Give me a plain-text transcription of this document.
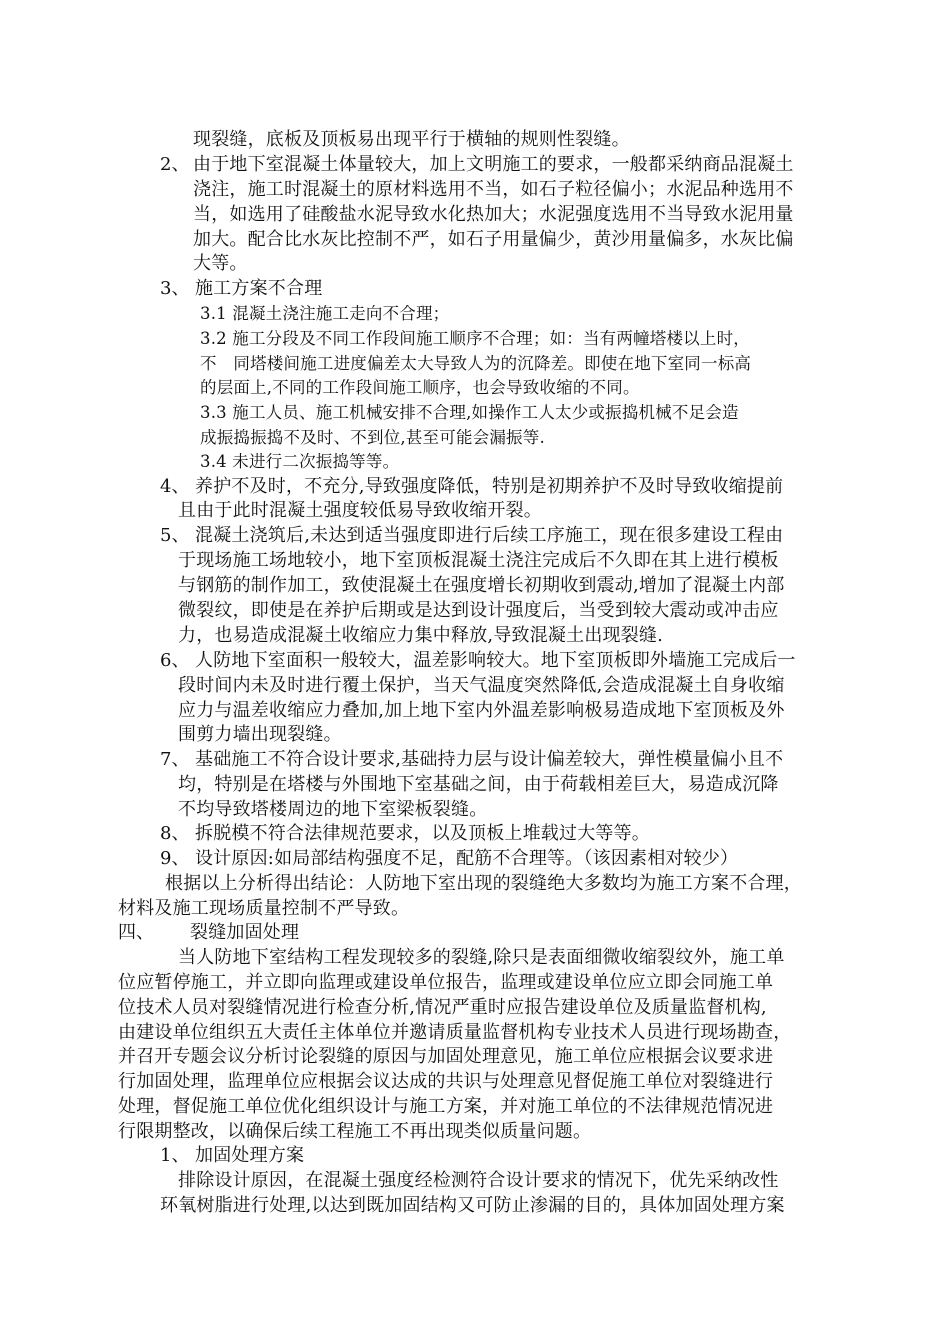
现裂缝，底板及顶板易出现平行于横轴的规则性裂缝。
2、 由于地下室混凝土体量较大，加上文明施工的要求，一般都采纳商品混凝土
浇注，施工时混凝土的原材料选用不当，如石子粒径偏小；水泥品种选用不
当，如选用了硅酸盐水泥导致水化热加大；水泥强度选用不当导致水泥用量
加大。配合比水灰比控制不严，如石子用量偏少，黄沙用量偏多，水灰比偏
大等。
3、 施工方案不合理
3.1 混凝土浇注施工走向不合理；
3.2 施工分段及不同工作段间施工顺序不合理；如：当有两幢塔楼以上时，
不　同塔楼间施工进度偏差太大导致人为的沉降差。即使在地下室同一标高
的层面上,不同的工作段间施工顺序，也会导致收缩的不同。
3.3 施工人员、施工机械安排不合理,如操作工人太少或振捣机械不足会造
成振捣振捣不及时、不到位,甚至可能会漏振等.
3.4 未进行二次振捣等等。
4、 养护不及时，不充分,导致强度降低，特别是初期养护不及时导致收缩提前
且由于此时混凝土强度较低易导致收缩开裂。
5、 混凝土浇筑后,未达到适当强度即进行后续工序施工，现在很多建设工程由
于现场施工场地较小，地下室顶板混凝土浇注完成后不久即在其上进行模板
与钢筋的制作加工，致使混凝土在强度增长初期收到震动,增加了混凝土内部
微裂纹，即使是在养护后期或是达到设计强度后，当受到较大震动或冲击应
力，也易造成混凝土收缩应力集中释放,导致混凝土出现裂缝.
6、 人防地下室面积一般较大，温差影响较大。地下室顶板即外墙施工完成后一
段时间内未及时进行覆土保护，当天气温度突然降低,会造成混凝土自身收缩
应力与温差收缩应力叠加,加上地下室内外温差影响极易造成地下室顶板及外
围剪力墙出现裂缝。
7、 基础施工不符合设计要求,基础持力层与设计偏差较大，弹性模量偏小且不
均，特别是在塔楼与外围地下室基础之间，由于荷载相差巨大，易造成沉降
不均导致塔楼周边的地下室梁板裂缝。
8、 拆脱模不符合法律规范要求，以及顶板上堆载过大等等。
9、 设计原因:如局部结构强度不足，配筋不合理等。（该因素相对较少）
根据以上分析得出结论：人防地下室出现的裂缝绝大多数均为施工方案不合理，
材料及施工现场质量控制不严导致。
四、 裂缝加固处理
当人防地下室结构工程发现较多的裂缝,除只是表面细微收缩裂纹外，施工单
位应暂停施工，并立即向监理或建设单位报告，监理或建设单位应立即会同施工单
位技术人员对裂缝情况进行检查分析,情况严重时应报告建设单位及质量监督机构,
由建设单位组织五大责任主体单位并邀请质量监督机构专业技术人员进行现场勘查，
并召开专题会议分析讨论裂缝的原因与加固处理意见，施工单位应根据会议要求进
行加固处理，监理单位应根据会议达成的共识与处理意见督促施工单位对裂缝进行
处理，督促施工单位优化组织设计与施工方案，并对施工单位的不法律规范情况进
行限期整改，以确保后续工程施工不再出现类似质量问题。
1、 加固处理方案
排除设计原因，在混凝土强度经检测符合设计要求的情况下，优先采纳改性
环氧树脂进行处理,以达到既加固结构又可防止渗漏的目的，具体加固处理方案
